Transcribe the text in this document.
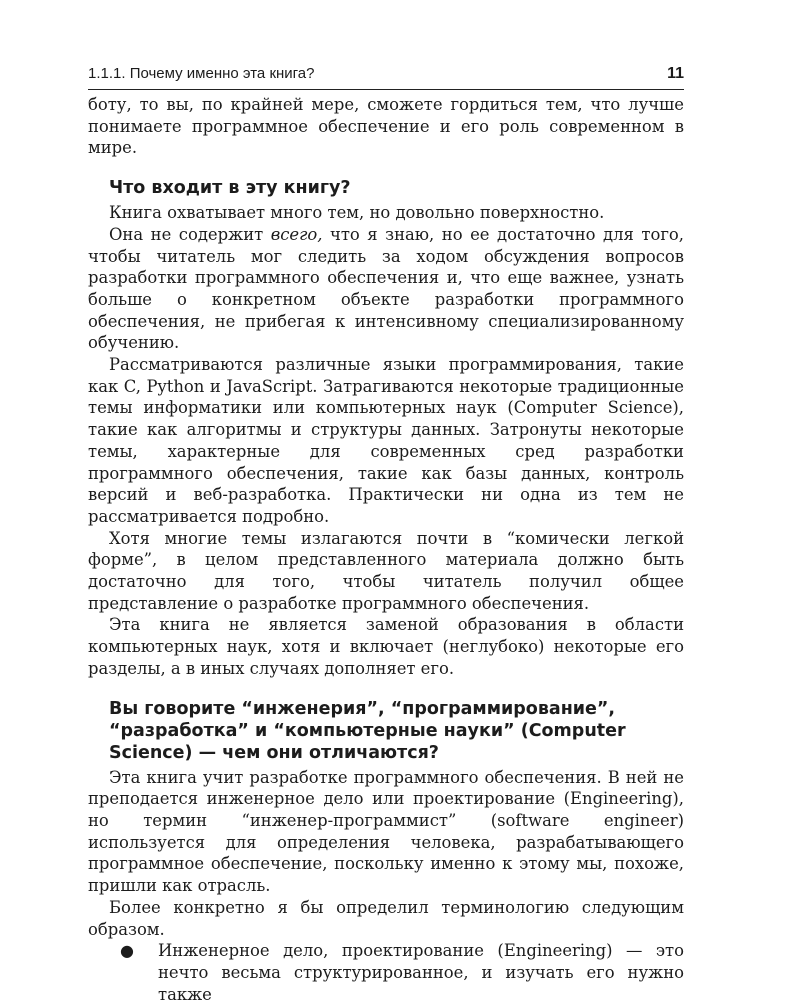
1.1.1. Почему именно эта книга?	11

боту, то вы, по крайней мере, сможете гордиться тем, что лучше понимаете программное обеспечение и его роль современном в мире.

Что входит в эту книгу?

Книга охватывает много тем, но довольно поверхностно.

Она не содержит всего, что я знаю, но ее достаточно для того, чтобы читатель мог следить за ходом обсуждения вопросов разработки программного обеспечения и, что еще важнее, узнать больше о конкретном объекте разработки программного обеспечения, не прибегая к интенсивному специализированному обучению.

Рассматриваются различные языки программирования, такие как C, Python и JavaScript. Затрагиваются некоторые традиционные темы информатики или компьютерных наук (Computer Science), такие как алгоритмы и структуры данных. Затронуты некоторые темы, характерные для современных сред разработки программного обеспечения, такие как базы данных, контроль версий и веб-разработка. Практически ни одна из тем не рассматривается подробно.

Хотя многие темы излагаются почти в “комически легкой форме”, в целом представленного материала должно быть достаточно для того, чтобы читатель получил общее представление о разработке программного обеспечения.

Эта книга не является заменой образования в области компьютерных наук, хотя и включает (неглубоко) некоторые его разделы, а в иных случаях дополняет его.

Вы говорите “инженерия”, “программирование”, “разработка” и “компьютерные науки” (Computer Science) — чем они отличаются?

Эта книга учит разработке программного обеспечения. В ней не преподается инженерное дело или проектирование (Engineering), но термин “инженер-программист” (software engineer) используется для определения человека, разрабатывающего программное обеспечение, поскольку именно к этому мы, похоже, пришли как отрасль.

Более конкретно я бы определил терминологию следующим образом.

●	Инженерное дело, проектирование (Engineering) — это нечто весьма структурированное, и изучать его нужно также
